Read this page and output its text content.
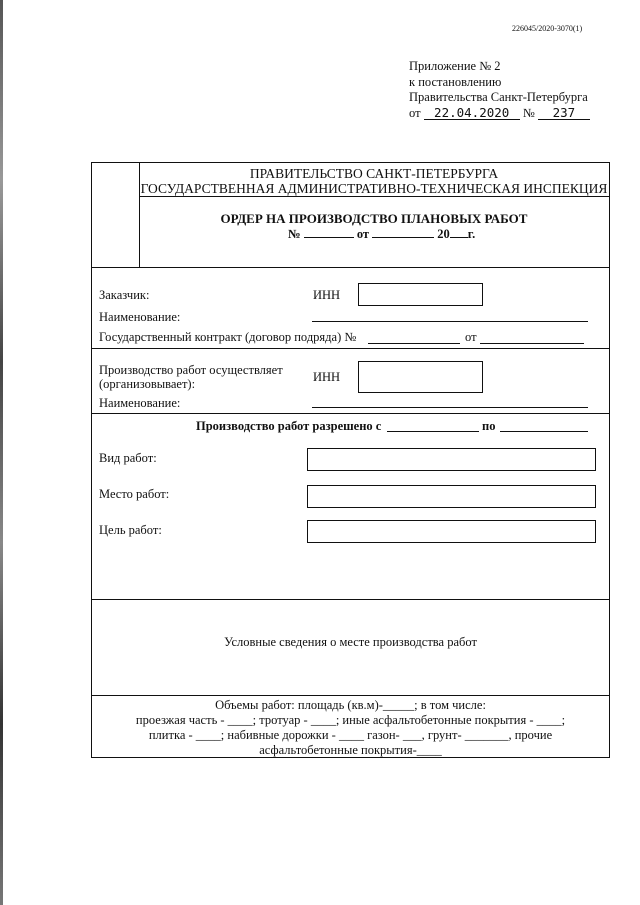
226045/2020-3070(1)
Приложение № 2
к постановлению
Правительства Санкт-Петербурга
от 22.04.2020 № 237
ПРАВИТЕЛЬСТВО САНКТ-ПЕТЕРБУРГА
ГОСУДАРСТВЕННАЯ АДМИНИСТРАТИВНО-ТЕХНИЧЕСКАЯ ИНСПЕКЦИЯ
ОРДЕР НА ПРОИЗВОДСТВО ПЛАНОВЫХ РАБОТ
№	от	20 г.
Заказчик:	ИНН
Наименование:
Государственный контракт (договор подряда) №	от
Производство работ осуществляет
(организовывает):	ИНН
Наименование:
Производство работ разрешено с	по
Вид работ:
Место работ:
Цель работ:
Условные сведения о месте производства работ
Объемы работ: площадь (кв.м)-_____; в том числе:
проезжая часть - ____; тротуар - ____; иные асфальтобетонные покрытия - ____;
плитка - ____; набивные дорожки - ____ газон- ___, грунт- _______, прочие
асфальтобетонные покрытия-____
